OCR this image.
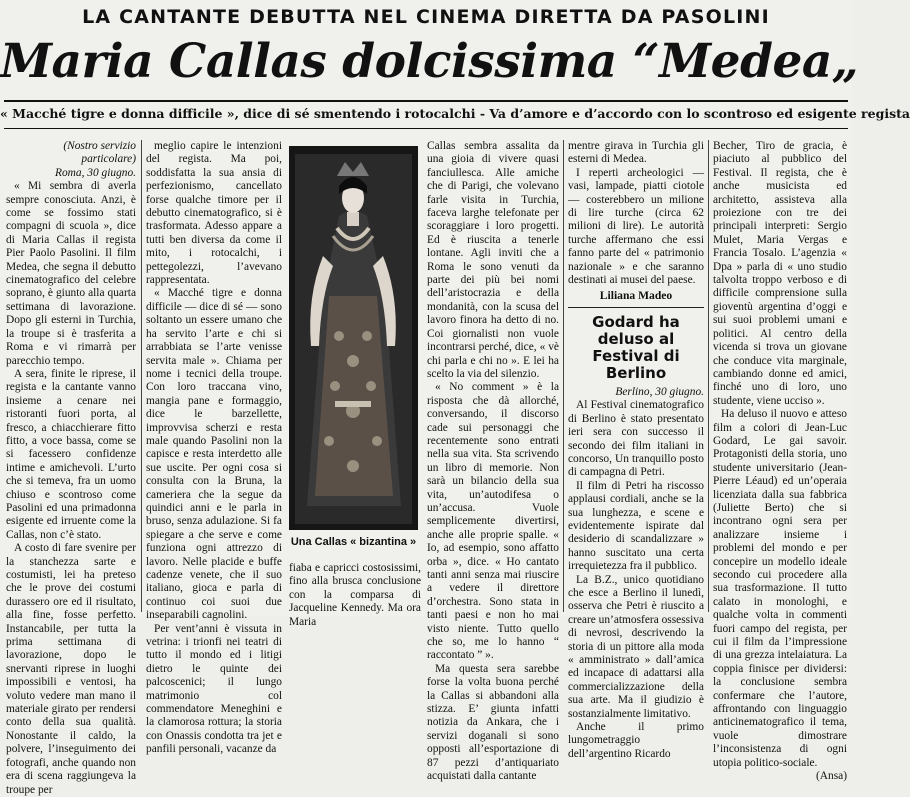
LA CANTANTE DEBUTTA NEL CINEMA DIRETTA DA PASOLINI
Maria Callas dolcissima “Medea„
« Macché tigre e donna difficile », dice di sé smentendo i rotocalchi - Va d’amore e d’accordo con lo scontroso ed esigente regista

(Nostro servizio particolare)
Roma, 30 giugno.

« Mi sembra di averla sempre conosciuta. Anzi, è come se fossimo stati compagni di scuola », dice di Maria Callas il regista Pier Paolo Pasolini. Il film Medea, che segna il debutto cinematografico del celebre soprano, è giunto alla quarta settimana di lavorazione. Dopo gli esterni in Turchia, la troupe si è trasferita a Roma e vi rimarrà per parecchio tempo.

A sera, finite le riprese, il regista e la cantante vanno insieme a cenare nei ristoranti fuori porta, al fresco, a chiacchierare fitto fitto, a voce bassa, come se si facessero confidenze intime e amichevoli. L’urto che si temeva, fra un uomo chiuso e scontroso come Pasolini ed una primadonna esigente ed irruente come la Callas, non c’è stato.

A costo di fare svenire per la stanchezza sarte e costumisti, lei ha preteso che le prove dei costumi durassero ore ed il risultato, alla fine, fosse perfetto. Instancabile, per tutta la prima settimana di lavorazione, dopo le snervanti riprese in luoghi impossibili e ventosi, ha voluto vedere man mano il materiale girato per rendersi conto della sua qualità. Nonostante il caldo, la polvere, l’inseguimento dei fotografi, anche quando non era di scena raggiungeva la troupe per

meglio capire le intenzioni del regista. Ma poi, soddisfatta la sua ansia di perfezionismo, cancellato forse qualche timore per il debutto cinematografico, si è trasformata. Adesso appare a tutti ben diversa da come il mito, i rotocalchi, i pettegolezzi, l’avevano rappresentata.

« Macché tigre e donna difficile — dice di sé — sono soltanto un essere umano che ha servito l’arte e chi si arrabbiata se l’arte venisse servita male ». Chiama per nome i tecnici della troupe. Con loro traccana vino, mangia pane e formaggio, dice le barzellette, improvvisa scherzi e resta male quando Pasolini non la capisce e resta interdetto alle sue uscite. Per ogni cosa si consulta con la Bruna, la cameriera che la segue da quindici anni e le parla in bruso, senza adulazione. Si fa spiegare a che serve e come funziona ogni attrezzo di lavoro. Nelle placide e buffe cadenze venete, che il suo italiano, gioca e parla di continuo coi suoi due inseparabili cagnolini.

Per vent’anni è vissuta in vetrina: i trionfi nei teatri di tutto il mondo ed i litigi dietro le quinte dei palcoscenici; il lungo matrimonio col commendatore Meneghini e la clamorosa rottura; la storia con Onassis condotta tra jet e panfili personali, vacanze da

Una Callas « bizantina »

fiaba e capricci costosissimi, fino alla brusca conclusione con la comparsa di Jacqueline Kennedy. Ma ora Maria

Callas sembra assalita da una gioia di vivere quasi fanciullesca. Alle amiche che di Parigi, che volevano farle visita in Turchia, faceva larghe telefonate per scoraggiare i loro progetti. Ed è riuscita a tenerle lontane. Agli inviti che a Roma le sono venuti da parte dei più bei nomi dell’aristocrazia e della mondanità, con la scusa del lavoro finora ha detto di no. Coi giornalisti non vuole incontrarsi perché, dice, « vè chi parla e chi no ». E lei ha scelto la via del silenzio.

« No comment » è la risposta che dà allorché, conversando, il discorso cade sui personaggi che recentemente sono entrati nella sua vita. Sta scrivendo un libro di memorie. Non sarà un bilancio della sua vita, un’autodifesa o un’accusa. Vuole semplicemente divertirsi, anche alle proprie spalle. « Io, ad esempio, sono affatto orba », dice. « Ho cantato tanti anni senza mai riuscire a vedere il direttore d’orchestra. Sono stata in tanti paesi e non ho mai visto niente. Tutto quello che so, me lo hanno “ raccontato ” ».

Ma questa sera sarebbe forse la volta buona perché la Callas si abbandoni alla stizza. E’ giunta infatti notizia da Ankara, che i servizi doganali si sono opposti all’esportazione di 87 pezzi d’antiquariato acquistati dalla cantante

mentre girava in Turchia gli esterni di Medea.

I reperti archeologici — vasi, lampade, piatti ciotole — costerebbero un milione di lire turche (circa 62 milioni di lire). Le autorità turche affermano che essi fanno parte del « patrimonio nazionale » e che saranno destinati ai musei del paese.

Liliana Madeo
Godard ha deluso al Festival di Berlino

Berlino, 30 giugno.

Al Festival cinematografico di Berlino è stato presentato ieri sera con successo il secondo dei film italiani in concorso, Un tranquillo posto di campagna di Petri.

Il film di Petri ha riscosso applausi cordiali, anche se la sua lunghezza, e scene e evidentemente ispirate dal desiderio di scandalizzare » hanno suscitato una certa irrequietezza fra il pubblico.

La B.Z., unico quotidiano che esce a Berlino il lunedì, osserva che Petri è riuscito a creare un’atmosfera ossessiva di nevrosi, descrivendo la storia di un pittore alla moda « amministrato » dall’amica ed incapace di adattarsi alla commercializzazione della sua arte. Ma il giudizio è sostanzialmente limitativo.

Anche il primo lungometraggio dell’argentino Ricardo

Becher, Tiro de gracia, è piaciuto al pubblico del Festival. Il regista, che è anche musicista ed architetto, assisteva alla proiezione con tre dei principali interpreti: Sergio Mulet, Maria Vergas e Francia Tosalo. L’agenzia « Dpa » parla di « uno studio talvolta troppo verboso e di difficile comprensione sulla gioventù argentina d’oggi e sui suoi problemi umani e politici. Al centro della vicenda si trova un giovane che conduce vita marginale, cambiando donne ed amici, finché uno di loro, uno studente, viene ucciso ».

Ha deluso il nuovo e atteso film a colori di Jean-Luc Godard, Le gai savoir. Protagonisti della storia, uno studente universitario (Jean-Pierre Léaud) ed un’operaia licenziata dalla sua fabbrica (Juliette Berto) che si incontrano ogni sera per analizzare insieme i problemi del mondo e per concepire un modello ideale secondo cui procedere alla sua trasformazione. Il tutto calato in monologhi, e qualche volta in commenti fuori campo del regista, per cui il film da l’impressione di una grezza intelaiatura. La coppia finisce per dividersi: la conclusione sembra confermare che l’autore, affrontando con linguaggio anticinematografico il tema, vuole dimostrare l’inconsistenza di ogni utopia politico-sociale.

(Ansa)
